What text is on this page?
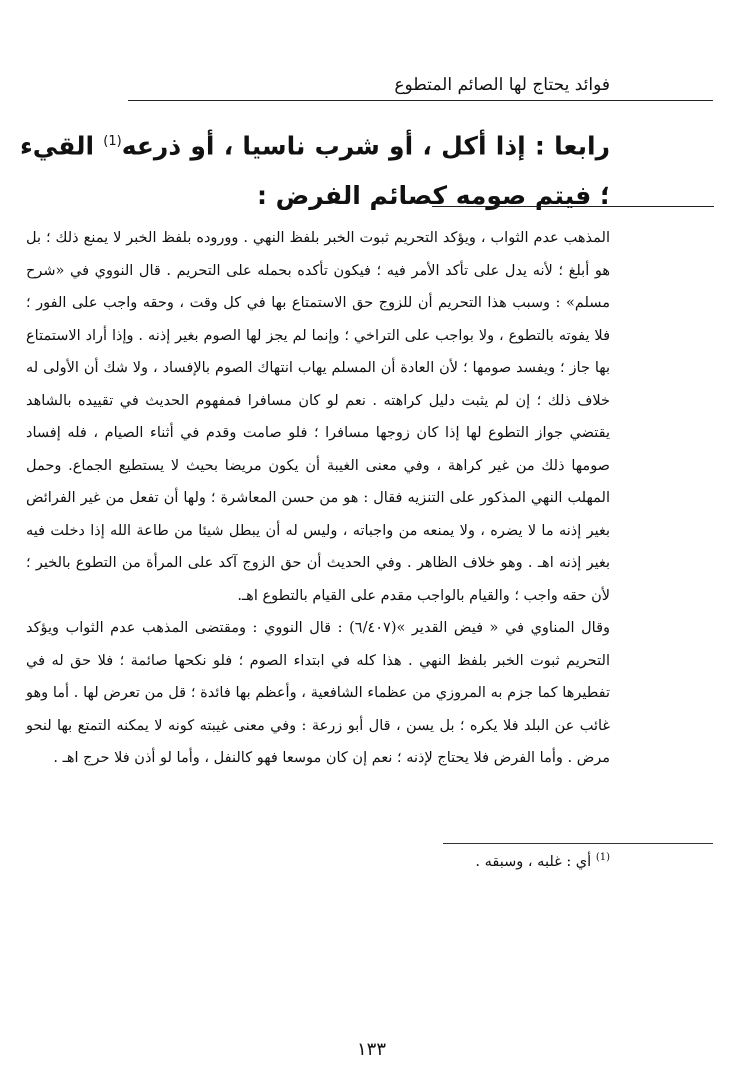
فوائد يحتاج لها الصائم المتطوع
رابعا : إذا أكل ، أو شرب ناسيا ، أو ذرعه$^{(1)}$ القيء ؛ فيتم صومه كصائم الفرض :

المذهب عدم الثواب ، ويؤكد التحريم ثبوت الخبر بلفظ النهي . ووروده بلفظ الخبر لا يمنع ذلك ؛ بل هو أبلغ ؛ لأنه يدل على تأكد الأمر فيه ؛ فيكون تأكده بحمله على التحريم . قال النووي في «شرح مسلم» : وسبب هذا التحريم أن للزوج حق الاستمتاع بها في كل وقت ، وحقه واجب على الفور ؛ فلا يفوته بالتطوع ، ولا بواجب على التراخي ؛ وإنما لم يجز لها الصوم بغير إذنه . وإذا أراد الاستمتاع بها جاز ؛ ويفسد صومها ؛ لأن العادة أن المسلم يهاب انتهاك الصوم بالإفساد ، ولا شك أن الأولى له خلاف ذلك ؛ إن لم يثبت دليل كراهته . نعم لو كان مسافرا فمفهوم الحديث في تقييده بالشاهد يقتضي جواز التطوع لها إذا كان زوجها مسافرا ؛ فلو صامت وقدم في أثناء الصيام ، فله إفساد صومها ذلك من غير كراهة ، وفي معنى الغيبة أن يكون مريضا بحيث لا يستطيع الجماع. وحمل المهلب النهي المذكور على التنزيه فقال : هو من حسن المعاشرة ؛ ولها أن تفعل من غير الفرائض بغير إذنه ما لا يضره ، ولا يمنعه من واجباته ، وليس له أن يبطل شيئا من طاعة الله إذا دخلت فيه بغير إذنه اهـ . وهو خلاف الظاهر . وفي الحديث أن حق الزوج آكد على المرأة من التطوع بالخير ؛ لأن حقه واجب ؛ والقيام بالواجب مقدم على القيام بالتطوع اهـ.

وقال المناوي في « فيض القدير »(٦/٤٠٧) : قال النووي : ومقتضى المذهب عدم الثواب ويؤكد التحريم ثبوت الخبر بلفظ النهي . هذا كله في ابتداء الصوم ؛ فلو نكحها صائمة ؛ فلا حق له في تفطيرها كما جزم به المروزي من عظماء الشافعية ، وأعظم بها فائدة ؛ قل من تعرض لها . أما وهو غائب عن البلد فلا يكره ؛ بل يسن ، قال أبو زرعة : وفي معنى غيبته كونه لا يمكنه التمتع بها لنحو مرض . وأما الفرض فلا يحتاج لإذنه ؛ نعم إن كان موسعا فهو كالنفل ، وأما لو أذن فلا حرج اهـ .

$^{(1)}$ أي : غلبه ، وسبقه .
١٣٣
